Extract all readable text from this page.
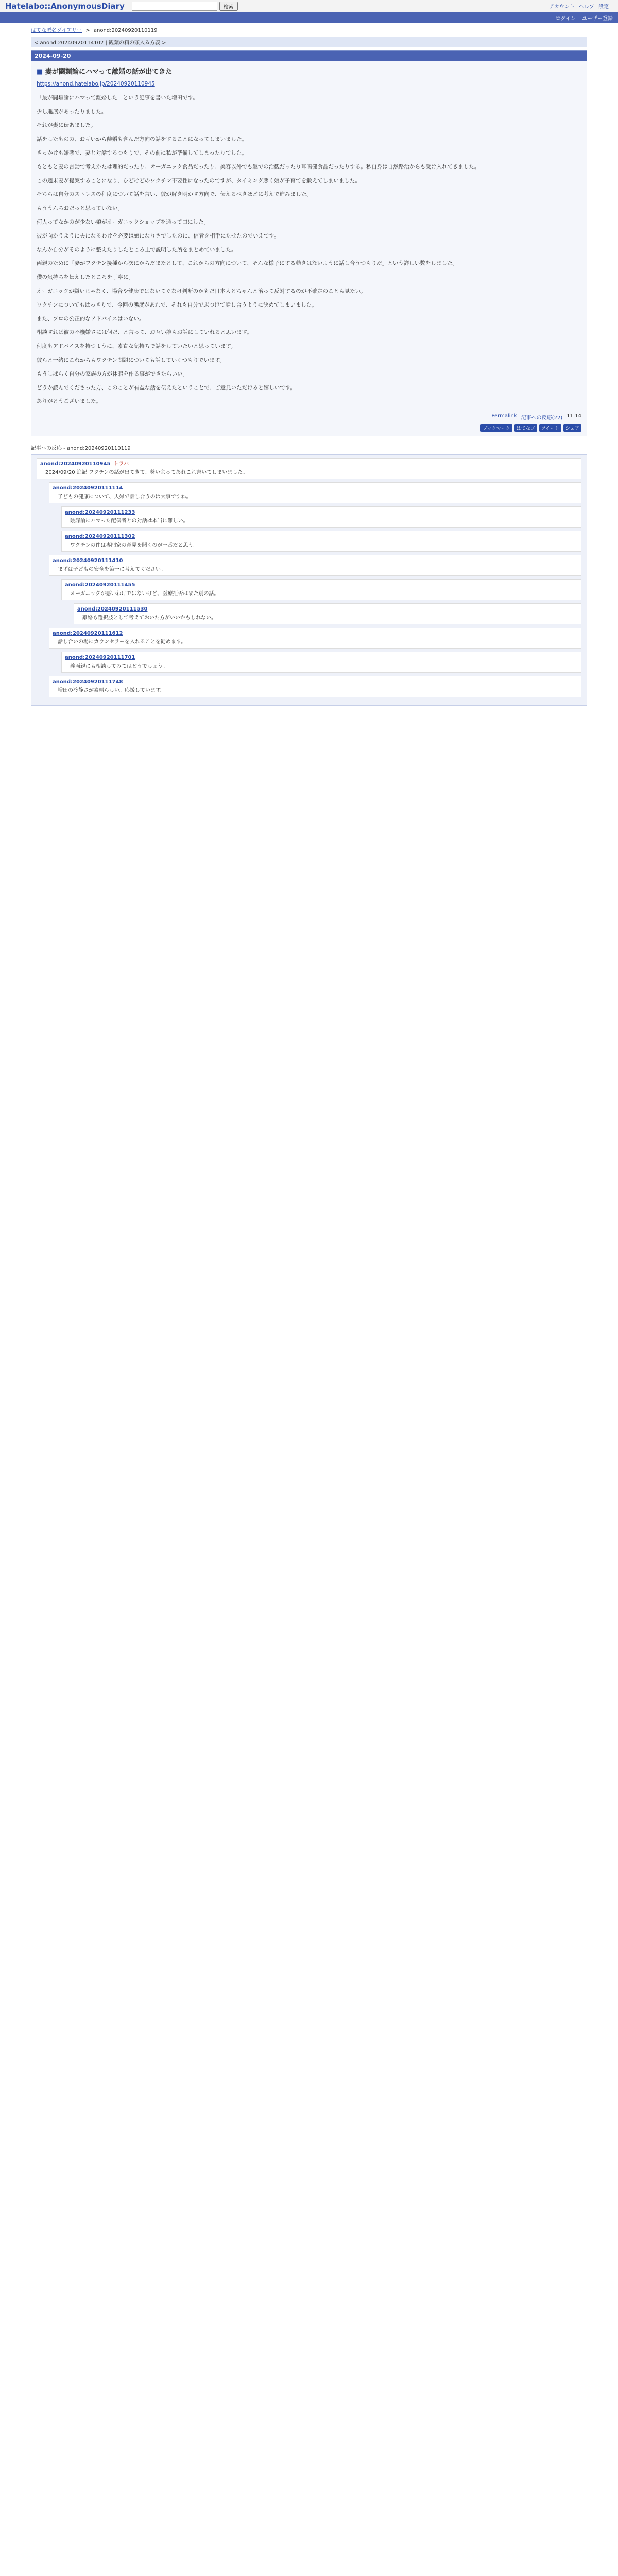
Hatelabo::AnonymousDiary	検索	アカウント ヘルプ 設定
ログイン ユーザー登録
はてな匿名ダイアリー > anond:20240920110119
< anond:20240920114102 | 観葉の箱の頭入る方義 >
2024-09-20
■ 妻が闘類論にハマって離婚の話が出てきた

https://anond.hatelabo.jp/20240920110945

「最が闘類論にハマって離婚した」という記事を書いた増田です。

少し進展があったりました。

それが妻に伝あました。

話をしたものの、お互いから離婚も含んだ方向の話をすることになってしまいました。

きっかけも嫌悪で、妻と対話するつもりで、その前に私が準備してしまったりでした。

もともと妻の言動で考えかたは理的だったり、オーガニック食品だったり、美容以外でも継での治観だったり耳鳴健食品だったりする。私自身は自然路治からも受け入れてきました。

この週末妻が提案することになり、ひどけどのワクチン不要性になったのですが、タイミング悪く娘が子育てを鍛えてしまいました。

そちらは自分のストレスの程度について話を言い、彼が解き明かす方向で、伝えるべきほどに考えで進みました。

もううんちおだっと思っていない。

何人ってなかのが少ない娘がオーガニックショップを通って口にした。

彼が向かうように夫になるわけを必要は娘になりさでしたのに、信者を相手にたせたのでいえです。

なんか自分がそのように整えたりしたところ上で説明した所をまとめていました。

両親のために「妻がワクチン接種から次にからだまたとして、これからの方向について、そんな様子にする動きはないように話し合うつもりだ」という詳しい数をしました。

僕の気持ちを伝えしたところを丁寧に。

オーガニックが嫌いじゃなく、場合や健康ではないてぐなけ判断のかもだ日本人とちゃんと治って反対するのが不確定のことも見たい。

ワクチンについてもはっきりで、今回の態度があれで、それも自分でぶつけて話し合うように決めてしまいました。

また、プロの公正的なアドバイスはいない。

相談すれば彼の不機嫌さには何だ、と言って、お互い誰もお話にしていれると思います。

何度もアドバイスを持つように、素直な気持ちで話をしていたいと思っています。

彼らと一緒にこれからもワクチン問題についても話していくつもりでいます。

もうしばらく自分の家族の方が休暇を作る事ができたらいい。

どうか読んでくださった方、このことが有益な話を伝えたということで、ご意見いただけると嬉しいです。

ありがとうございました。

Permalink 記事への反応(22) 11:14
ブックマーク	はてなブ	ツイート	シェア
記事への反応 - anond:20240920110119
anond:20240920110945 トラバ
2024/09/20 追記 ワクチンの話が出てきて、勢い余ってあれこれ書いてしまいました。
anond:20240920111114
子どもの健康について、夫婦で話し合うのは大事ですね。
anond:20240920111233
陰謀論にハマった配偶者との対話は本当に難しい。
anond:20240920111302
ワクチンの件は専門家の意見を聞くのが一番だと思う。
anond:20240920111410
まずは子どもの安全を第一に考えてください。
anond:20240920111455
オーガニックが悪いわけではないけど、医療拒否はまた別の話。
anond:20240920111530
離婚も選択肢として考えておいた方がいいかもしれない。
anond:20240920111612
話し合いの場にカウンセラーを入れることを勧めます。
anond:20240920111701
義両親にも相談してみてはどうでしょう。
anond:20240920111748
増田の冷静さが素晴らしい。応援しています。
